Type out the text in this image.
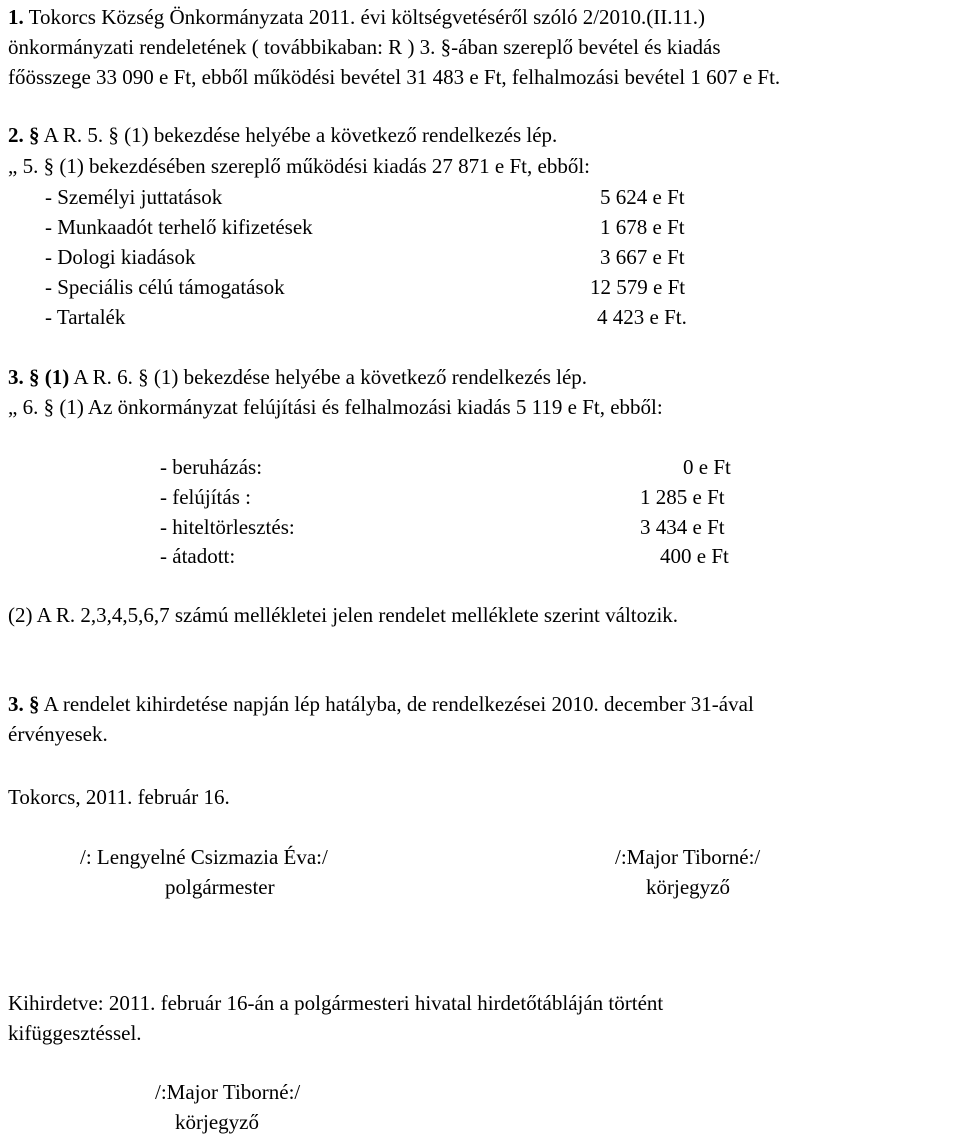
1. Tokorcs Község Önkormányzata 2011. évi költségvetéséről szóló 2/2010.(II.11.)
önkormányzati rendeletének ( továbbikaban: R ) 3. §-ában szereplő bevétel és kiadás
főösszege 33 090 e Ft, ebből működési bevétel 31 483 e Ft, felhalmozási bevétel 1 607 e Ft.
2. § A R. 5. § (1) bekezdése helyébe a következő rendelkezés lép.
„ 5. § (1) bekezdésében szereplő működési kiadás 27 871 e Ft, ebből:
- Személyi juttatások	5 624 e Ft
- Munkaadót terhelő kifizetések	1 678 e Ft
- Dologi kiadások	3 667 e Ft
- Speciális célú támogatások	12 579 e Ft
- Tartalék	4 423 e Ft.
3. § (1) A R. 6. § (1) bekezdése helyébe a következő rendelkezés lép.
„ 6. § (1) Az önkormányzat felújítási és felhalmozási kiadás 5 119 e Ft, ebből:
- beruházás:	0 e Ft
- felújítás :	1 285 e Ft
- hiteltörlesztés:	3 434 e Ft
- átadott:	400 e Ft
(2) A R. 2,3,4,5,6,7 számú mellékletei jelen rendelet melléklete szerint változik.
3. § A rendelet kihirdetése napján lép hatályba, de rendelkezései 2010. december 31-ával
érvényesek.
Tokorcs, 2011. február 16.
/: Lengyelné Csizmazia Éva:/
polgármester
/:Major Tiborné:/
körjegyző
Kihirdetve: 2011. február 16-án a polgármesteri hivatal hirdetőtábláján történt
kifüggesztéssel.
/:Major Tiborné:/
körjegyző
